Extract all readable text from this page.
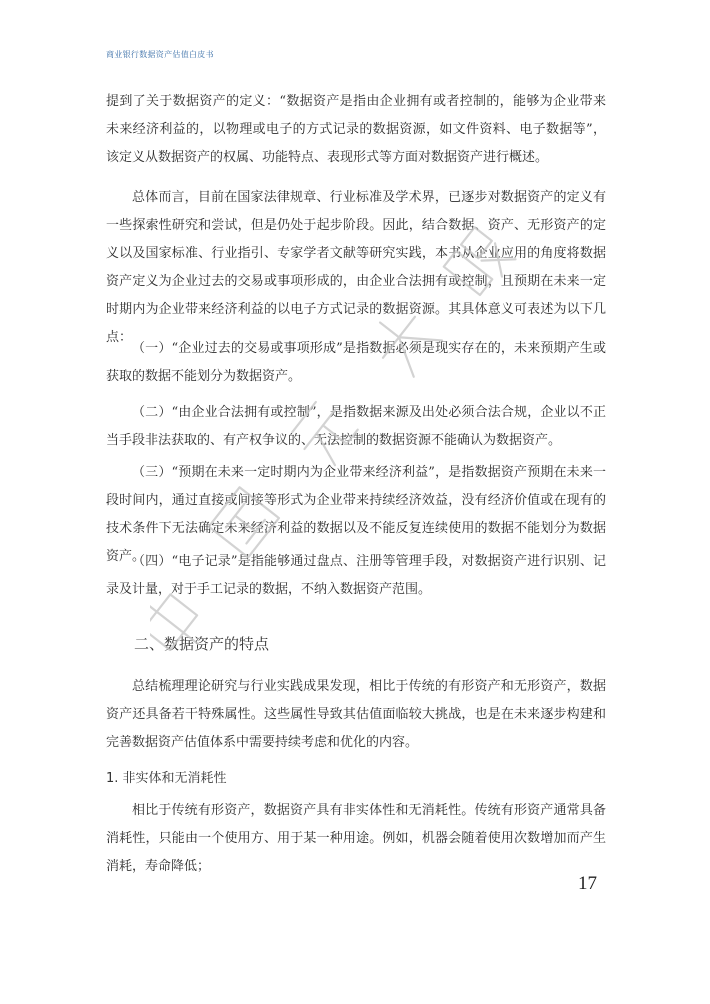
商业银行数据资产估值白皮书

提到了关于数据资产的定义：“数据资产是指由企业拥有或者控制的，能够为企业带来未来经济利益的，以物理或电子的方式记录的数据资源，如文件资料、电子数据等”，该定义从数据资产的权属、功能特点、表现形式等方面对数据资产进行概述。

总体而言，目前在国家法律规章、行业标准及学术界，已逐步对数据资产的定义有一些探索性研究和尝试，但是仍处于起步阶段。因此，结合数据、资产、无形资产的定义以及国家标准、行业指引、专家学者文献等研究实践，本书从企业应用的角度将数据资产定义为企业过去的交易或事项形成的，由企业合法拥有或控制，且预期在未来一定时期内为企业带来经济利益的以电子方式记录的数据资源。其具体意义可表述为以下几点：

（一）“企业过去的交易或事项形成”是指数据必须是现实存在的，未来预期产生或获取的数据不能划分为数据资产。

（二）“由企业合法拥有或控制”，是指数据来源及出处必须合法合规，企业以不正当手段非法获取的、有产权争议的、无法控制的数据资源不能确认为数据资产。

（三）“预期在未来一定时期内为企业带来经济利益”，是指数据资产预期在未来一段时间内，通过直接或间接等形式为企业带来持续经济效益，没有经济价值或在现有的技术条件下无法确定未来经济利益的数据以及不能反复连续使用的数据不能划分为数据资产。

（四）“电子记录”是指能够通过盘点、注册等管理手段，对数据资产进行识别、记录及计量，对于手工记录的数据，不纳入数据资产范围。

二、数据资产的特点

总结梳理理论研究与行业实践成果发现，相比于传统的有形资产和无形资产，数据资产还具备若干特殊属性。这些属性导致其估值面临较大挑战，也是在未来逐步构建和完善数据资产估值体系中需要持续考虑和优化的内容。

1. 非实体和无消耗性

相比于传统有形资产，数据资产具有非实体性和无消耗性。传统有形资产通常具备消耗性，只能由一个使用方、用于某一种用途。例如，机器会随着使用次数增加而产生消耗，寿命降低；

17
